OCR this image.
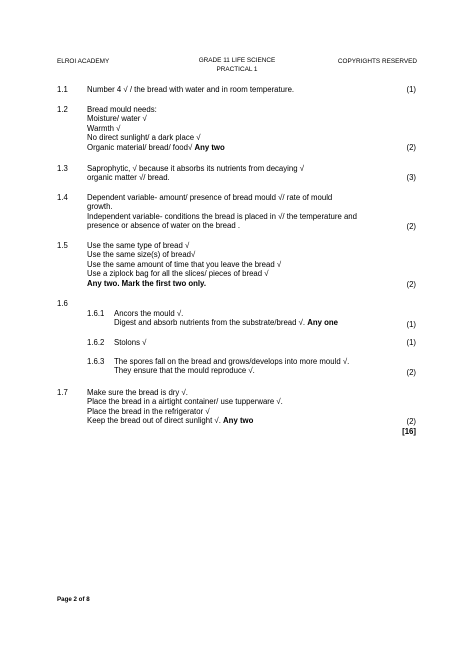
ELROI ACADEMY	GRADE 11 LIFE SCIENCE
PRACTICAL 1
COPYRIGHTS RESERVED
1.1 Number 4 √ / the bread with water and in room temperature.	(1)
1.2 Bread mould needs:
Moisture/ water √
Warmth √
No direct sunlight/ a dark place √
Organic material/ bread/ food√ Any two	(2)
1.3 Saprophytic, √ because it absorbs its nutrients from decaying √
organic matter √/ bread.	(3)
1.4 Dependent variable- amount/ presence of bread mould √/ rate of mould
growth.
Independent variable- conditions the bread is placed in √/ the temperature and
presence or absence of water on the bread .	(2)
1.5 Use the same type of bread √
Use the same size(s) of bread√
Use the same amount of time that you leave the bread √
Use a ziplock bag for all the slices/ pieces of bread √
Any two. Mark the first two only.	(2)
1.6
1.6.1 Ancors the mould √.
Digest and absorb nutrients from the substrate/bread √. Any one	(1)
1.6.2 Stolons √	(1)
1.6.3 The spores fall on the bread and grows/develops into more mould √.
They ensure that the mould reproduce √.	(2)
1.7 Make sure the bread is dry √.
Place the bread in a airtight container/ use tupperware √.
Place the bread in the refrigerator √
Keep the bread out of direct sunlight √. Any two	(2)
[16]
Page 2 of 8
